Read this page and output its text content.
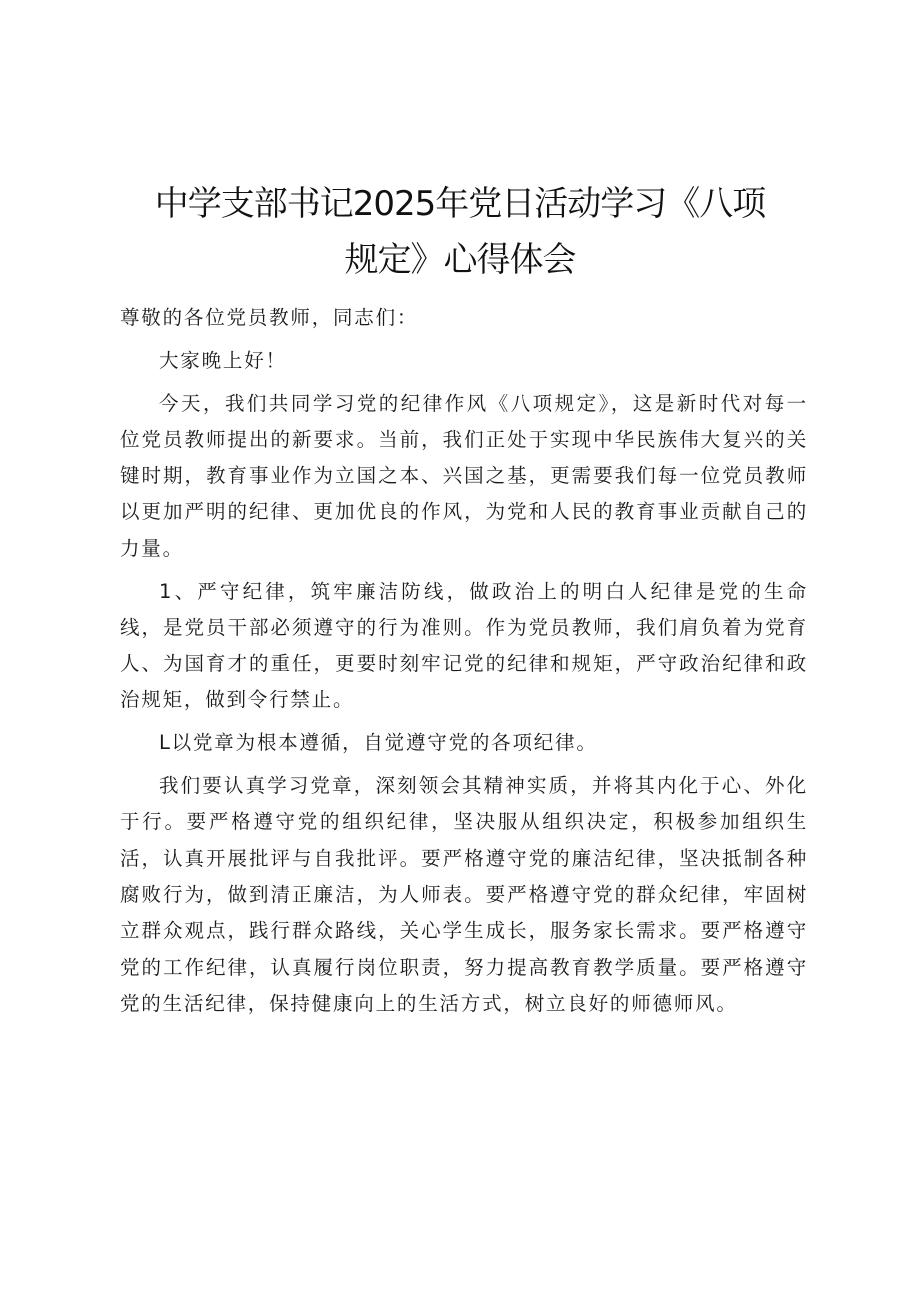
中学支部书记2025年党日活动学习《八项规定》心得体会

尊敬的各位党员教师，同志们：

大家晚上好！

今天，我们共同学习党的纪律作风《八项规定》，这是新时代对每一位党员教师提出的新要求。当前，我们正处于实现中华民族伟大复兴的关键时期，教育事业作为立国之本、兴国之基，更需要我们每一位党员教师以更加严明的纪律、更加优良的作风，为党和人民的教育事业贡献自己的力量。

1、严守纪律，筑牢廉洁防线，做政治上的明白人纪律是党的生命线，是党员干部必须遵守的行为准则。作为党员教师，我们肩负着为党育人、为国育才的重任，更要时刻牢记党的纪律和规矩，严守政治纪律和政治规矩，做到令行禁止。

L以党章为根本遵循，自觉遵守党的各项纪律。

我们要认真学习党章，深刻领会其精神实质，并将其内化于心、外化于行。要严格遵守党的组织纪律，坚决服从组织决定，积极参加组织生活，认真开展批评与自我批评。要严格遵守党的廉洁纪律，坚决抵制各种腐败行为，做到清正廉洁，为人师表。要严格遵守党的群众纪律，牢固树立群众观点，践行群众路线，关心学生成长，服务家长需求。要严格遵守党的工作纪律，认真履行岗位职责，努力提高教育教学质量。要严格遵守党的生活纪律，保持健康向上的生活方式，树立良好的师德师风。
